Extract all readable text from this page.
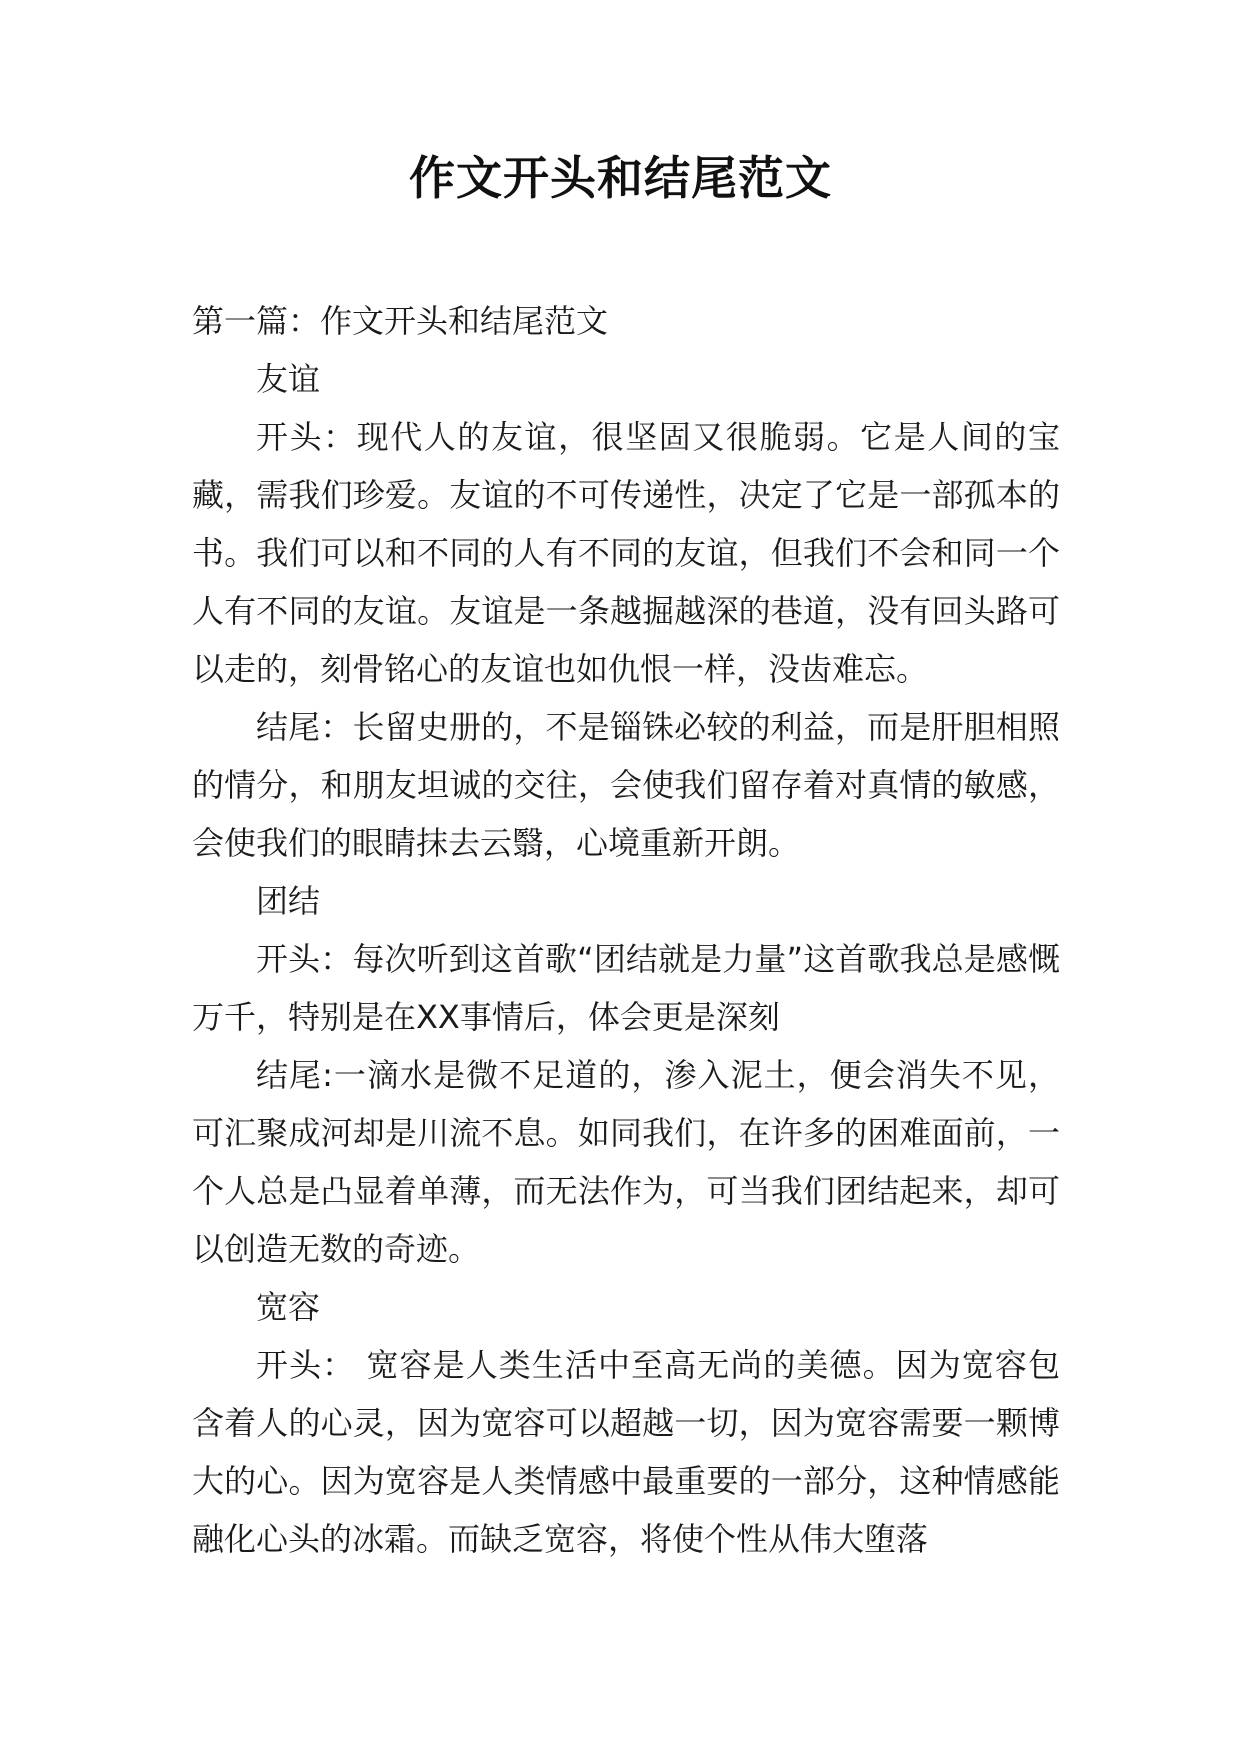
作文开头和结尾范文

第一篇：作文开头和结尾范文

友谊

开头：现代人的友谊，很坚固又很脆弱。它是人间的宝藏，需我们珍爱。友谊的不可传递性，决定了它是一部孤本的书。我们可以和不同的人有不同的友谊，但我们不会和同一个人有不同的友谊。友谊是一条越掘越深的巷道，没有回头路可以走的，刻骨铭心的友谊也如仇恨一样，没齿难忘。

结尾：长留史册的，不是锱铢必较的利益，而是肝胆相照的情分，和朋友坦诚的交往，会使我们留存着对真情的敏感，会使我们的眼睛抹去云翳，心境重新开朗。

团结

开头：每次听到这首歌“团结就是力量”这首歌我总是感慨万千，特别是在XX事情后，体会更是深刻

结尾:一滴水是微不足道的，渗入泥土，便会消失不见，可汇聚成河却是川流不息。如同我们，在许多的困难面前，一个人总是凸显着单薄，而无法作为，可当我们团结起来，却可以创造无数的奇迹。

宽容

开头： 宽容是人类生活中至高无尚的美德。因为宽容包含着人的心灵，因为宽容可以超越一切，因为宽容需要一颗博大的心。因为宽容是人类情感中最重要的一部分，这种情感能融化心头的冰霜。而缺乏宽容，将使个性从伟大堕落
